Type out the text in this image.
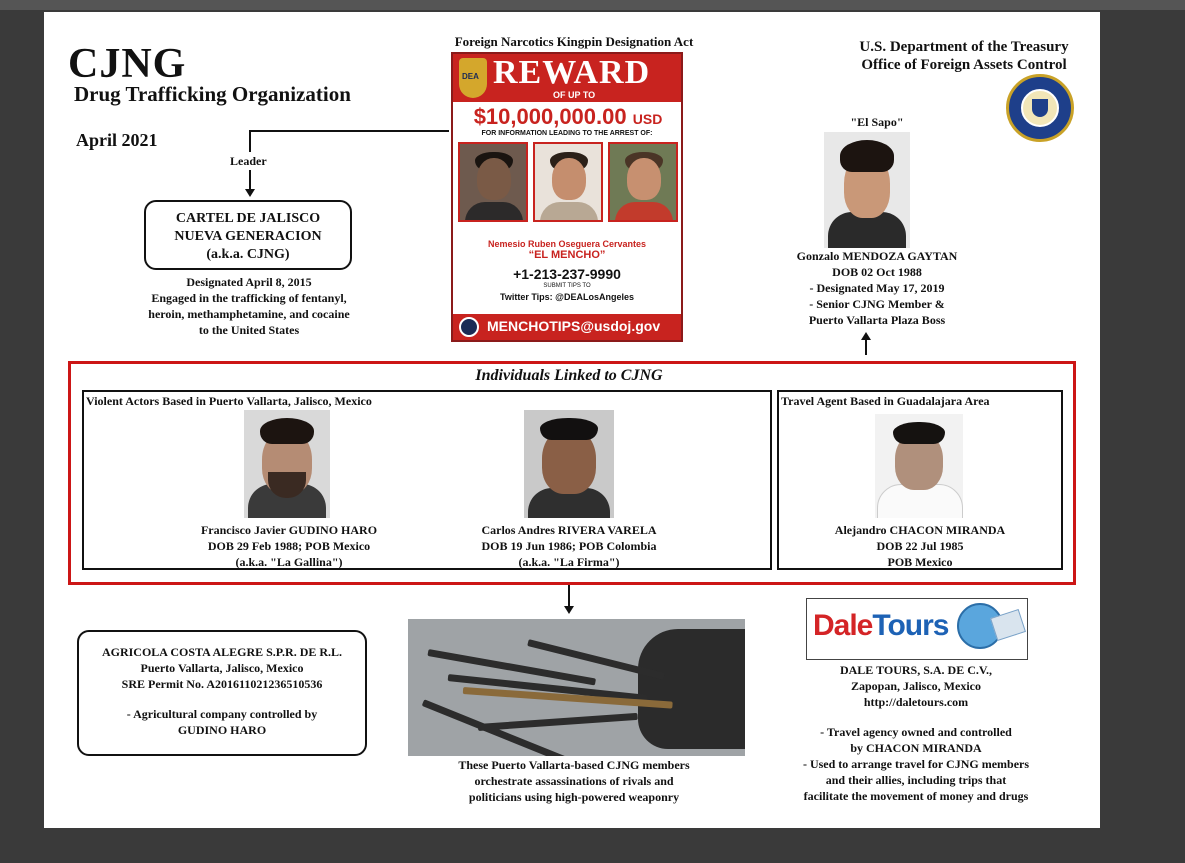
CJNG
Drug Trafficking Organization
April 2021
Foreign Narcotics Kingpin Designation Act	U.S. Department of the Treasury
Office of Foreign Assets Control
Leader
CARTEL DE JALISCO
NUEVA GENERACION
(a.k.a. CJNG)
Designated April 8, 2015
Engaged in the trafficking of fentanyl,
heroin, methamphetamine, and cocaine
to the United States
DEA REWARD
OF UP TO
$10,000,000.00 USD
FOR INFORMATION LEADING TO THE ARREST OF:
Nemesio Ruben Oseguera Cervantes
“EL MENCHO”
+1-213-237-9990
SUBMIT TIPS TO
Twitter Tips: @DEALosAngeles
MENCHOTIPS@usdoj.gov
"El Sapo"
Gonzalo MENDOZA GAYTAN
DOB 02 Oct 1988
- Designated May 17, 2019
- Senior CJNG Member &
Puerto Vallarta Plaza Boss
Individuals Linked to CJNG
Violent Actors Based in Puerto Vallarta, Jalisco, Mexico
Francisco Javier GUDINO HARO
DOB 29 Feb 1988; POB Mexico
(a.k.a. "La Gallina")
Carlos Andres RIVERA VARELA
DOB 19 Jun 1986; POB Colombia
(a.k.a. "La Firma")
Travel Agent Based in Guadalajara Area
Alejandro CHACON MIRANDA
DOB 22 Jul 1985
POB Mexico
AGRICOLA COSTA ALEGRE S.P.R. DE R.L.
Puerto Vallarta, Jalisco, Mexico
SRE Permit No. A201611021236510536
- Agricultural company controlled by
GUDINO HARO
These Puerto Vallarta-based CJNG members
orchestrate assassinations of rivals and
politicians using high-powered weaponry
DaleTours
DALE TOURS, S.A. DE C.V.,
Zapopan, Jalisco, Mexico
http://daletours.com
- Travel agency owned and controlled
by CHACON MIRANDA
- Used to arrange travel for CJNG members
and their allies, including trips that
facilitate the movement of money and drugs
